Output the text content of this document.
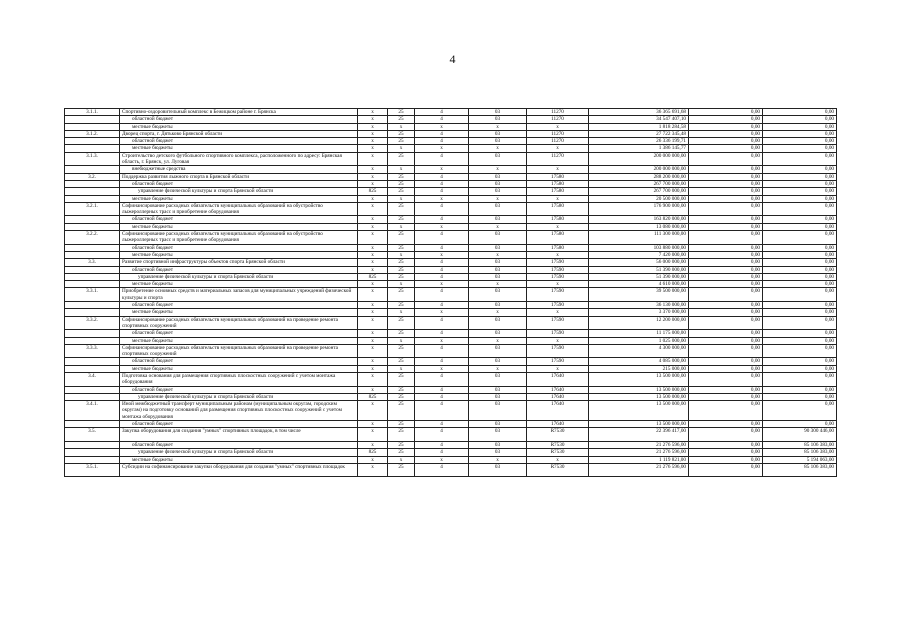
4
3.1.1.	Спортивно-оздоровительный комплекс в Бежицком районе г. Брянска	х	25	4	03	11270	36 365 691,68	0,00	0,00
	областной бюджет	х	25	4	03	11270	34 547 407,10	0,00	0,00
	местные бюджеты	х	х	х	х	х	1 818 284,58	0,00	0,00
3.1.2.	Дворец спорта, г. Дятьково Брянской области	х	25	4	03	11270	27 722 345,48	0,00	0,00
	областной бюджет	х	25	4	03	11270	26 336 199,71	0,00	0,00
	местные бюджеты	х	х	х	х	х	1 386 145,77	0,00	0,00
3.1.3.	Строительство детского футбольного спортивного комплекса, расположенного по адресу: Брянская область, г. Брянск, ул. Луговая	х	25	4	03	11270	200 000 000,00	0,00	0,00
	внебюджетные средства	х	х	х	х	х	200 000 000,00	0,00	0,00
3.2.	Поддержка развития лыжного спорта в Брянской области	х	25	4	03	17580	288 200 000,00	0,00	0,00
	областной бюджет	х	25	4	03	17580	267 700 000,00	0,00	0,00
	управление физической культуры и спорта Брянской области	825	25	4	03	17580	267 700 000,00	0,00	0,00
	местные бюджеты	х	х	х	х	х	20 500 000,00	0,00	0,00
3.2.1.	Софинансирование расходных обязательств муниципальных образований на обустройство лыжероллерных трасс и приобретение оборудования	х	25	4	03	17580	176 900 000,00	0,00	0,00
	областной бюджет	х	25	4	03	17580	163 820 000,00	0,00	0,00
	местные бюджеты	х	х	х	х	х	13 080 000,00	0,00	0,00
3.2.2.	Софинансирование расходных обязательств муниципальных образований на обустройство лыжероллерных трасс и приобретение оборудования	х	25	4	03	17580	111 300 000,00	0,00	0,00
	областной бюджет	х	25	4	03	17580	103 880 000,00	0,00	0,00
	местные бюджеты	х	х	х	х	х	7 420 000,00	0,00	0,00
3.3.	Развитие спортивной инфраструктуры объектов спорта Брянской области	х	25	4	03	17590	56 000 000,00	0,00	0,00
	областной бюджет	х	25	4	03	17590	51 390 000,00	0,00	0,00
	управление физической культуры и спорта Брянской области	825	25	4	03	17590	51 390 000,00	0,00	0,00
	местные бюджеты	х	х	х	х	х	4 610 000,00	0,00	0,00
3.3.1.	Приобретение основных средств и материальных запасов для муниципальных учреждений физической культуры и спорта	х	25	4	03	17590	39 500 000,00	0,00	0,00
	областной бюджет	х	25	4	03	17590	36 130 000,00	0,00	0,00
	местные бюджеты	х	х	х	х	х	3 370 000,00	0,00	0,00
3.3.2.	Софинансирование расходных обязательств муниципальных образований на проведение ремонта спортивных сооружений	х	25	4	03	17590	12 200 000,00	0,00	0,00
	областной бюджет	х	25	4	03	17590	11 175 000,00	0,00	0,00
	местные бюджеты	х	х	х	х	х	1 025 000,00	0,00	0,00
3.3.3.	Софинансирование расходных обязательств муниципальных образований на проведение ремонта спортивных сооружений	х	25	4	03	17590	4 300 000,00	0,00	0,00
	областной бюджет	х	25	4	03	17590	4 085 000,00	0,00	0,00
	местные бюджеты	х	х	х	х	х	215 000,00	0,00	0,00
3.4.	Подготовка основания для размещения спортивных плоскостных сооружений с учетом монтажа оборудования	х	25	4	03	17640	13 500 000,00	0,00	0,00
	областной бюджет	х	25	4	03	17640	13 500 000,00	0,00	0,00
	управление физической культуры и спорта Брянской области	825	25	4	03	17640	13 500 000,00	0,00	0,00
3.4.1.	Иной межбюджетный трансферт муниципальным районам (муниципальным округам, городским округам) на подготовку оснований для размещения спортивных плоскостных сооружений с учетом монтажа оборудования	х	25	4	03	17640	13 500 000,00	0,00	0,00
	областной бюджет	х	25	4	03	17640	13 500 000,00	0,00	0,00
3.5.	Закупка оборудования для создания "умных" спортивных площадок, в том числе	х	25	4	03	R7530	22 396 417,00	0,00	90 300 446,00
	областной бюджет	х	25	4	03	R7530	21 276 596,00	0,00	85 106 383,00
	управление физической культуры и спорта Брянской области	825	25	4	03	R7530	21 276 596,00	0,00	85 106 383,00
	местные бюджеты	х	х	х	х	х	1 119 821,00	0,00	5 194 063,00
3.5.1.	Субсидии на софинансирование закупки оборудования для создания "умных" спортивных площадок	х	25	4	03	R7530	21 276 596,00	0,00	85 106 383,00
